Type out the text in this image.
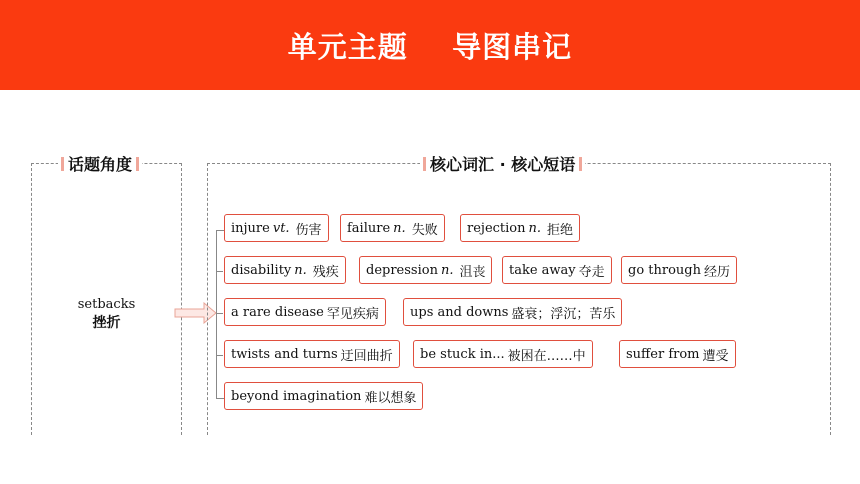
单元主题    导图串记
话题角度
setbacks
挫折
核心词汇 · 核心短语
injure vt. 伤害 failure n. 失败 rejection n. 拒绝
disability n. 残疾 depression n. 沮丧 take away 夺走 go through 经历
a rare disease 罕见疾病 ups and downs 盛衰；浮沉；苦乐
twists and turns 迂回曲折 be stuck in... 被困在……中	suffer from 遭受
beyond imagination 难以想象
